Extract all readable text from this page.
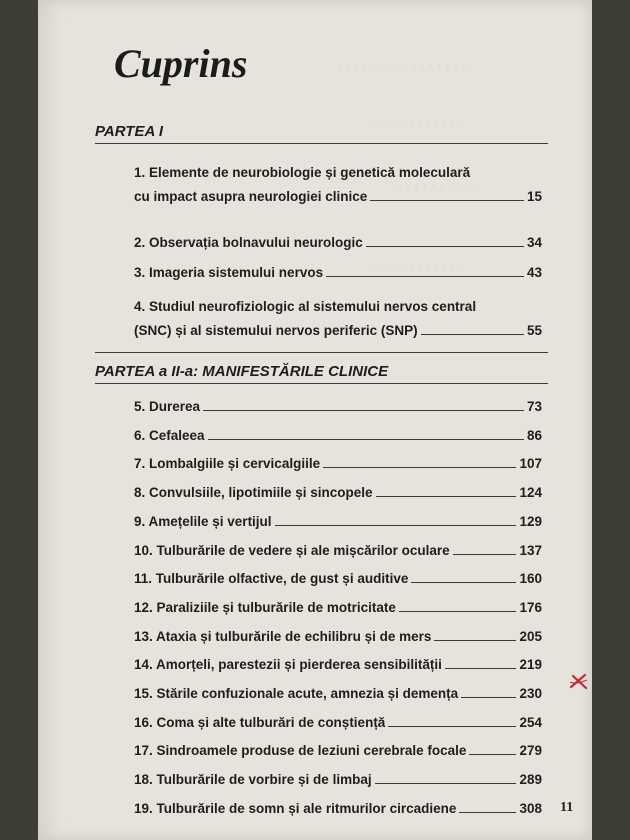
· · · · · · · · · · · · · · · ·
· · · · · · · · · · · ·
· · · · · · · · · ·
· · · · · · · · · · · ·
Cuprins
PARTEA I
1. Elemente de neurobiologie și genetică moleculară
cu impact asupra neurologiei clinice	15
2. Observația bolnavului neurologic	34
3. Imageria sistemului nervos	43
4. Studiul neurofiziologic al sistemului nervos central
(SNC) și al sistemului nervos periferic (SNP)	55
PARTEA a II-a: MANIFESTĂRILE CLINICE
5. Durerea	73
6. Cefaleea	86
7. Lombalgiile și cervicalgiile	107
8. Convulsiile, lipotimiile și sincopele	124
9. Amețelile și vertijul	129
10. Tulburările de vedere și ale mișcărilor oculare	137
11. Tulburările olfactive, de gust și auditive	160
12. Paraliziile și tulburările de motricitate	176
13. Ataxia și tulburările de echilibru și de mers	205
14. Amorțeli, parestezii și pierderea sensibilității	219
15. Stările confuzionale acute, amnezia și demența	230
16. Coma și alte tulburări de conștiență	254
17. Sindroamele produse de leziuni cerebrale focale	279
18. Tulburările de vorbire și de limbaj	289
19. Tulburările de somn și ale ritmurilor circadiene	308 11
